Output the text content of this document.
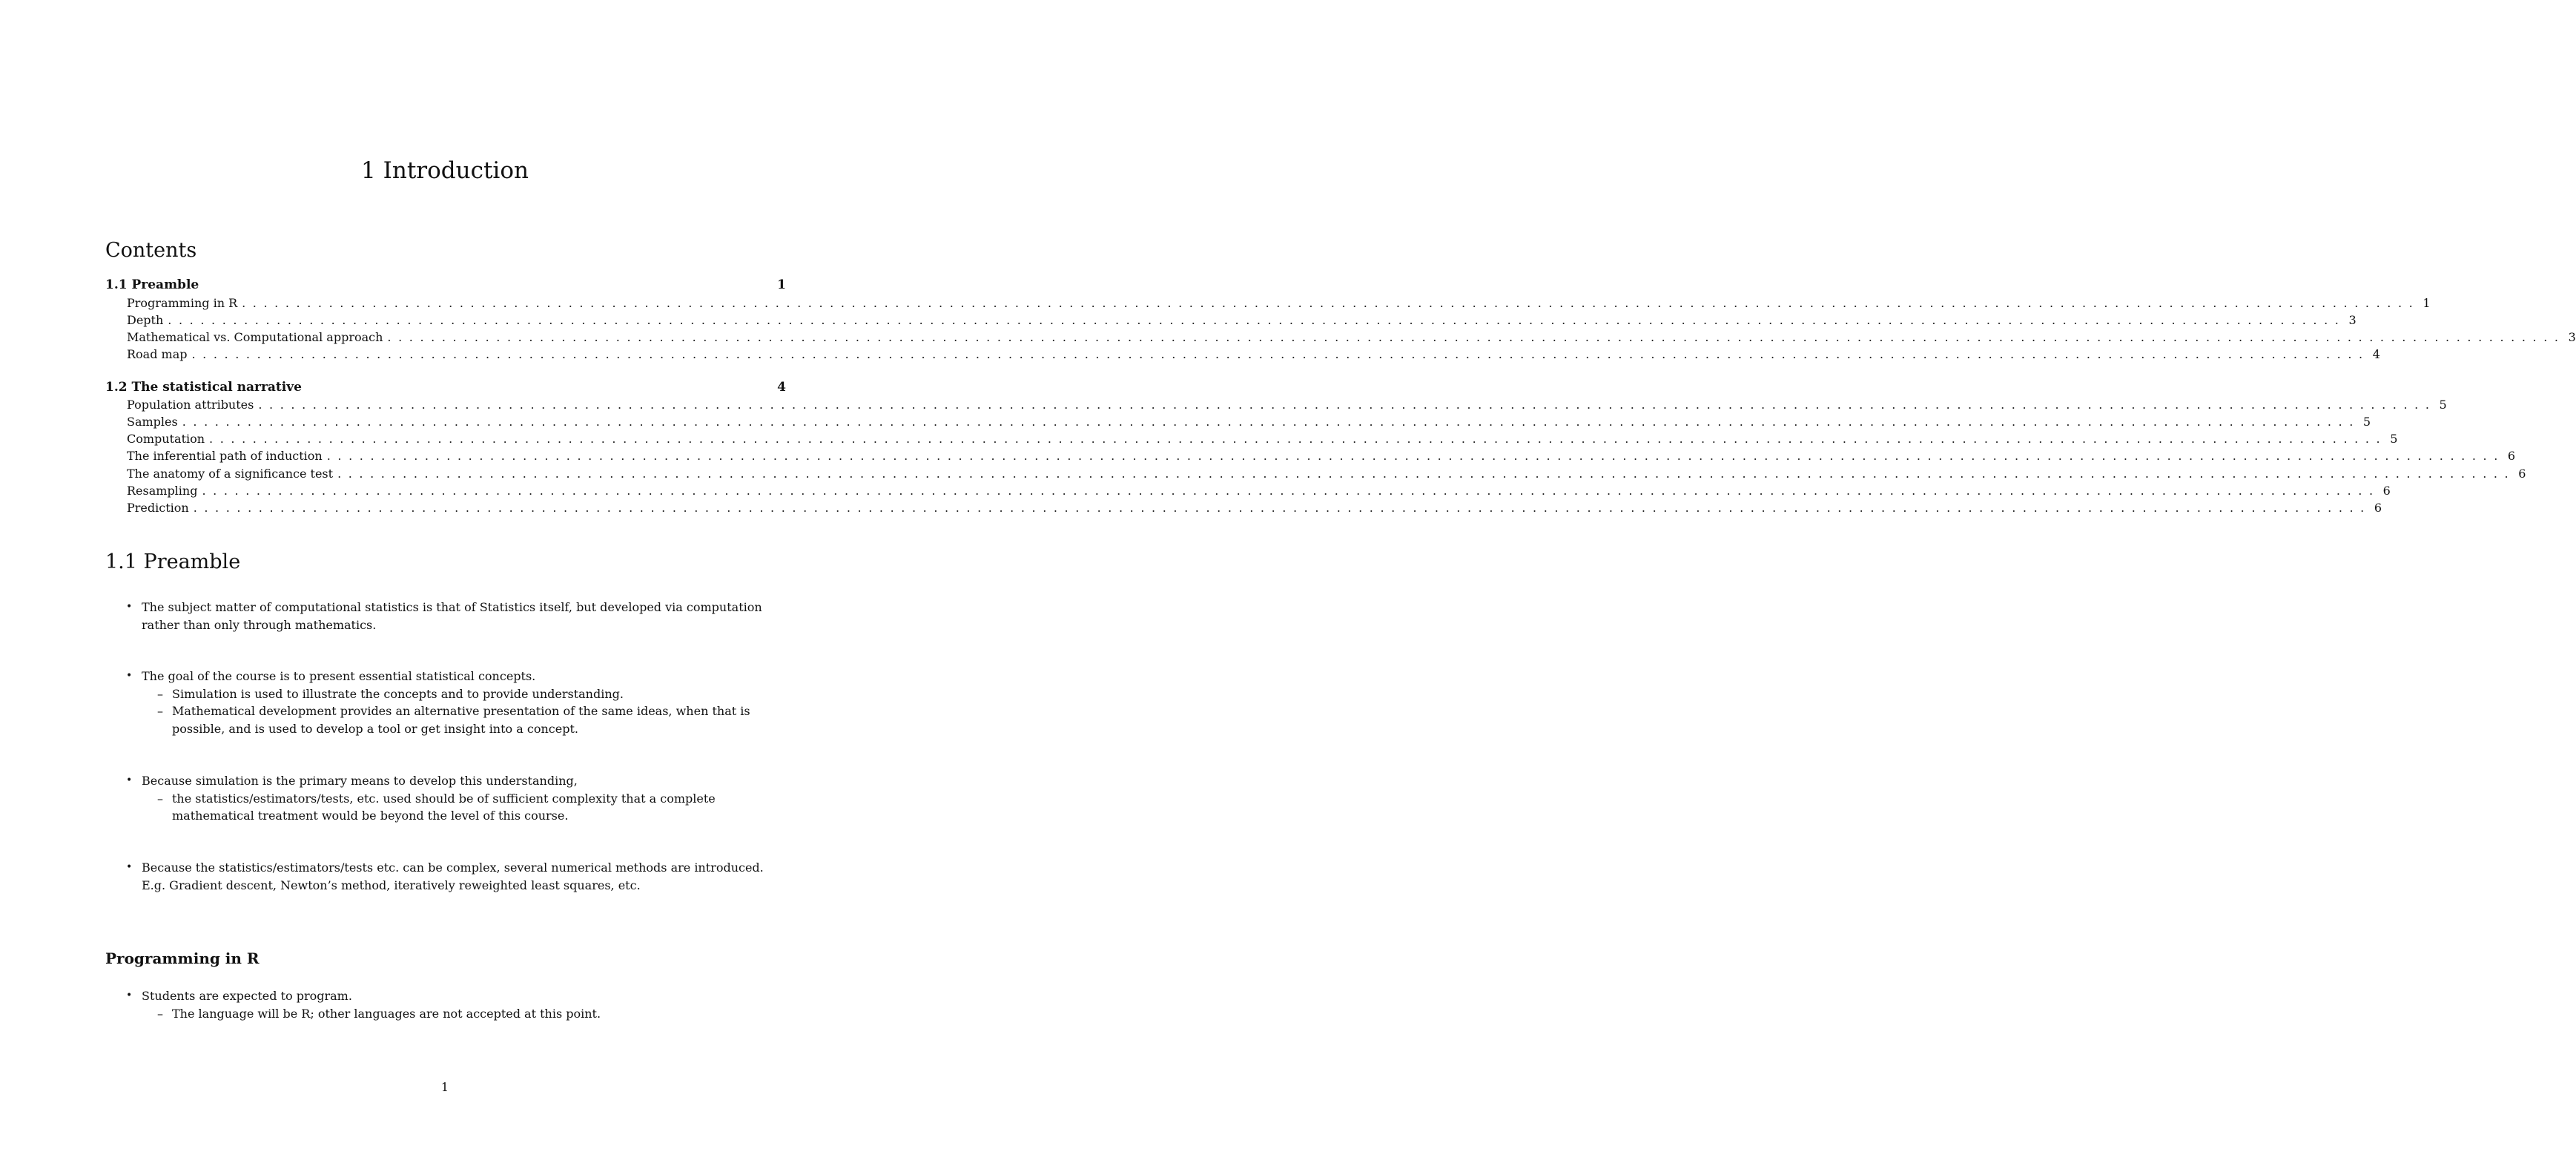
1 Introduction
Contents
1.1 Preamble	1
Programming in R ........................................................................................................................................................................................................ 1
Depth ........................................................................................................................................................................................................ 3
Mathematical vs. Computational approach ........................................................................................................................................................................................................ 3
Road map ........................................................................................................................................................................................................ 4
1.2 The statistical narrative	4
Population attributes ........................................................................................................................................................................................................ 5
Samples ........................................................................................................................................................................................................ 5
Computation ........................................................................................................................................................................................................ 5
The inferential path of induction ........................................................................................................................................................................................................ 6
The anatomy of a significance test ........................................................................................................................................................................................................ 6
Resampling ........................................................................................................................................................................................................ 6
Prediction ........................................................................................................................................................................................................ 6
1.1 Preamble
• The subject matter of computational statistics is that of Statistics itself, but developed via computation
rather than only through mathematics.
• The goal of the course is to present essential statistical concepts.
– Simulation is used to illustrate the concepts and to provide understanding.
– Mathematical development provides an alternative presentation of the same ideas, when that is
possible, and is used to develop a tool or get insight into a concept.
• Because simulation is the primary means to develop this understanding,
– the statistics/estimators/tests, etc. used should be of sufficient complexity that a complete
mathematical treatment would be beyond the level of this course.
• Because the statistics/estimators/tests etc. can be complex, several numerical methods are introduced.
E.g. Gradient descent, Newton’s method, iteratively reweighted least squares, etc.
Programming in R
• Students are expected to program.
– The language will be R; other languages are not accepted at this point.
1
